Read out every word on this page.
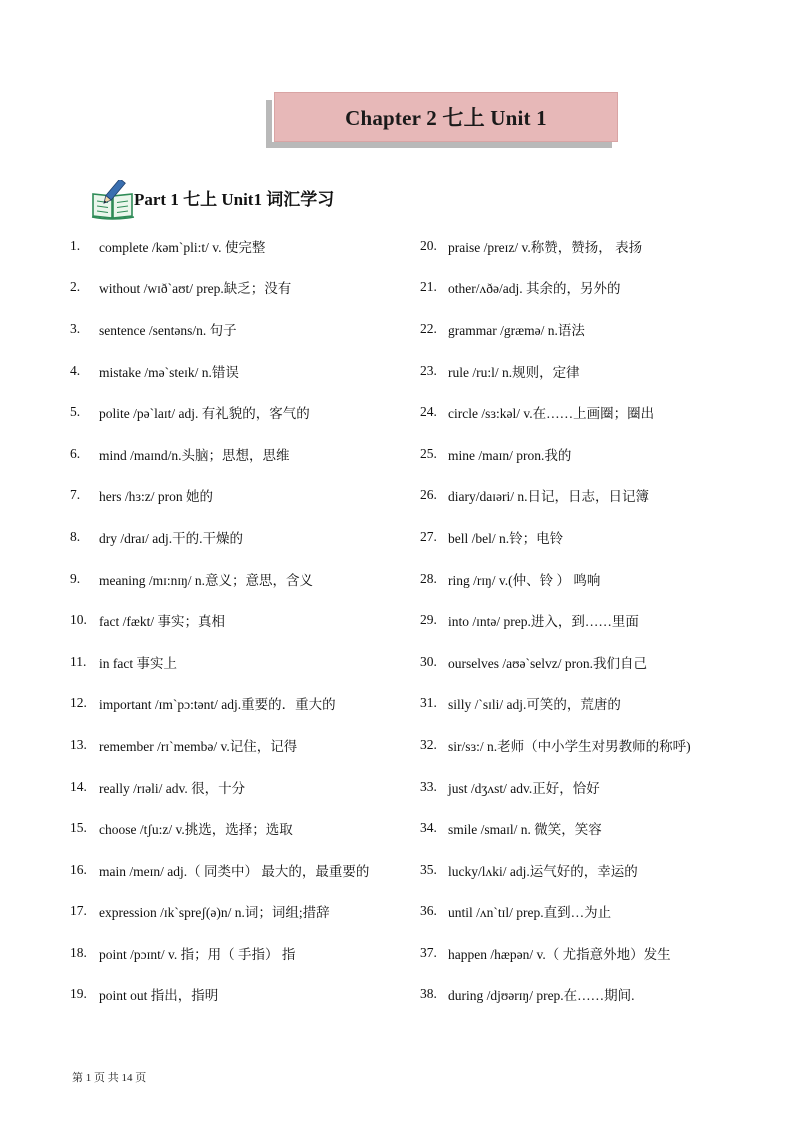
Chapter 2 七上 Unit 1
Part 1 七上 Unit1 词汇学习
1.	complete /kəm`pli:t/ v. 使完整
2.	without /wɪð`aʊt/ prep.缺乏；没有
3.	sentence /sentəns/n. 句子
4.	mistake /mə`steɪk/ n.错误
5.	polite /pə`laɪt/ adj. 有礼貌的，客气的
6.	mind /maɪnd/n.头脑；思想，思维
7.	hers /hɜ:z/ pron 她的
8.	dry /draɪ/ adj.干的.干燥的
9.	meaning /mɪ:nɪŋ/ n.意义；意思，含义
10. fact /fækt/ 事实；真相
11. in fact 事实上
12. important /ɪm`pɔ:tənt/ adj.重要的．重大的
13. remember /rɪ`membə/ v.记住，记得
14. really /rɪəli/ adv. 很，十分
15. choose /tʃu:z/ v.挑选，选择；选取
16. main /meɪn/ adj.（ 同类中） 最大的，最重要的
17. expression /ɪk`spreʃ(ə)n/ n.词；词组;措辞
18. point /pɔɪnt/ v. 指；用（ 手指） 指
19. point out 指出，指明
20. praise /preɪz/ v.称赞，赞扬， 表扬
21. other/ʌðə/adj. 其余的，另外的
22. grammar /græmə/ n.语法
23. rule /ru:l/ n.规则，定律
24. circle /sɜ:kəl/ v.在……上画圈；圈出
25. mine /maɪn/ pron.我的
26. diary/daɪəri/ n.日记，日志，日记簿
27. bell /bel/ n.铃；电铃
28. ring /rɪŋ/ v.(仲、铃 ） 鸣响
29. into /ɪntə/ prep.进入，到……里面
30. ourselves /aʊə`selvz/ pron.我们自己
31. silly /`sɪli/ adj.可笑的，荒唐的
32. sir/sɜ:/ n.老师（中小学生对男教师的称呼)
33. just /dʒʌst/ adv.正好，恰好
34. smile /smaɪl/ n. 微笑，笑容
35. lucky/lʌki/ adj.运气好的，幸运的
36. until /ʌn`tɪl/ prep.直到…为止
37. happen /hæpən/ v.（ 尤指意外地）发生
38. during /djʊərɪŋ/ prep.在……期间.
第 1 页 共 14 页
